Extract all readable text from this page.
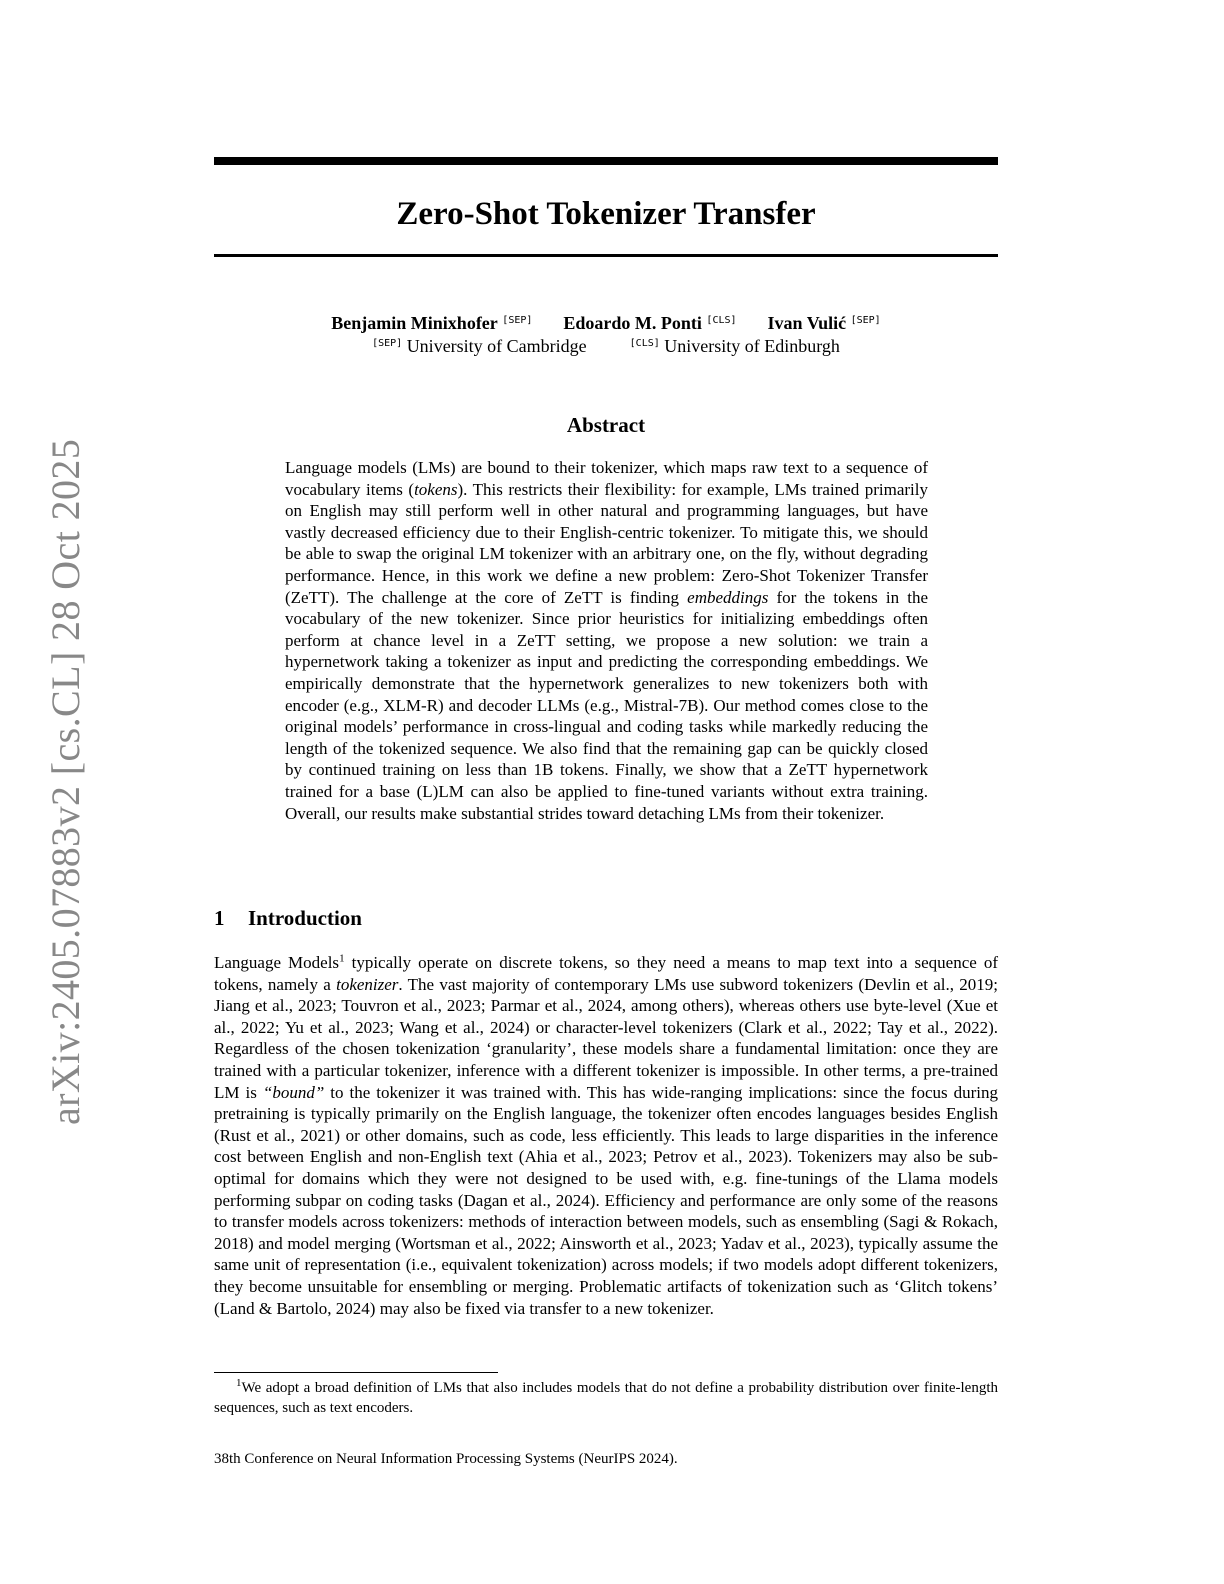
arXiv:2405.07883v2 [cs.CL] 28 Oct 2025
Zero-Shot Tokenizer Transfer
Benjamin Minixhofer [SEP] Edoardo M. Ponti [CLS] Ivan Vulić [SEP]
[SEP] University of Cambridge	[CLS] University of Edinburgh
Abstract
Language models (LMs) are bound to their tokenizer, which maps raw text to a sequence of vocabulary items (tokens). This restricts their flexibility: for example, LMs trained primarily on English may still perform well in other natural and programming languages, but have vastly decreased efficiency due to their English-centric tokenizer. To mitigate this, we should be able to swap the original LM tokenizer with an arbitrary one, on the fly, without degrading performance. Hence, in this work we define a new problem: Zero-Shot Tokenizer Transfer (ZeTT). The challenge at the core of ZeTT is finding embeddings for the tokens in the vocabulary of the new tokenizer. Since prior heuristics for initializing embeddings often perform at chance level in a ZeTT setting, we propose a new solution: we train a hypernetwork taking a tokenizer as input and predicting the corresponding embeddings. We empirically demonstrate that the hypernetwork generalizes to new tokenizers both with encoder (e.g., XLM-R) and decoder LLMs (e.g., Mistral-7B). Our method comes close to the original models’ performance in cross-lingual and coding tasks while markedly reducing the length of the tokenized sequence. We also find that the remaining gap can be quickly closed by continued training on less than 1B tokens. Finally, we show that a ZeTT hypernetwork trained for a base (L)LM can also be applied to fine-tuned variants without extra training. Overall, our results make substantial strides toward detaching LMs from their tokenizer.
1 Introduction
Language Models$^1$ typically operate on discrete tokens, so they need a means to map text into a sequence of tokens, namely a tokenizer. The vast majority of contemporary LMs use subword tokenizers (Devlin et al., 2019; Jiang et al., 2023; Touvron et al., 2023; Parmar et al., 2024, among others), whereas others use byte-level (Xue et al., 2022; Yu et al., 2023; Wang et al., 2024) or character-level tokenizers (Clark et al., 2022; Tay et al., 2022). Regardless of the chosen tokenization ‘granularity’, these models share a fundamental limitation: once they are trained with a particular tokenizer, inference with a different tokenizer is impossible. In other terms, a pre-trained LM is “bound” to the tokenizer it was trained with. This has wide-ranging implications: since the focus during pretraining is typically primarily on the English language, the tokenizer often encodes languages besides English (Rust et al., 2021) or other domains, such as code, less efficiently. This leads to large disparities in the inference cost between English and non-English text (Ahia et al., 2023; Petrov et al., 2023). Tokenizers may also be sub-optimal for domains which they were not designed to be used with, e.g. fine-tunings of the Llama models performing subpar on coding tasks (Dagan et al., 2024). Efficiency and performance are only some of the reasons to transfer models across tokenizers: methods of interaction between models, such as ensembling (Sagi & Rokach, 2018) and model merging (Wortsman et al., 2022; Ainsworth et al., 2023; Yadav et al., 2023), typically assume the same unit of representation (i.e., equivalent tokenization) across models; if two models adopt different tokenizers, they become unsuitable for ensembling or merging. Problematic artifacts of tokenization such as ‘Glitch tokens’ (Land & Bartolo, 2024) may also be fixed via transfer to a new tokenizer.
$^1$We adopt a broad definition of LMs that also includes models that do not define a probability distribution over finite-length sequences, such as text encoders.
38th Conference on Neural Information Processing Systems (NeurIPS 2024).
